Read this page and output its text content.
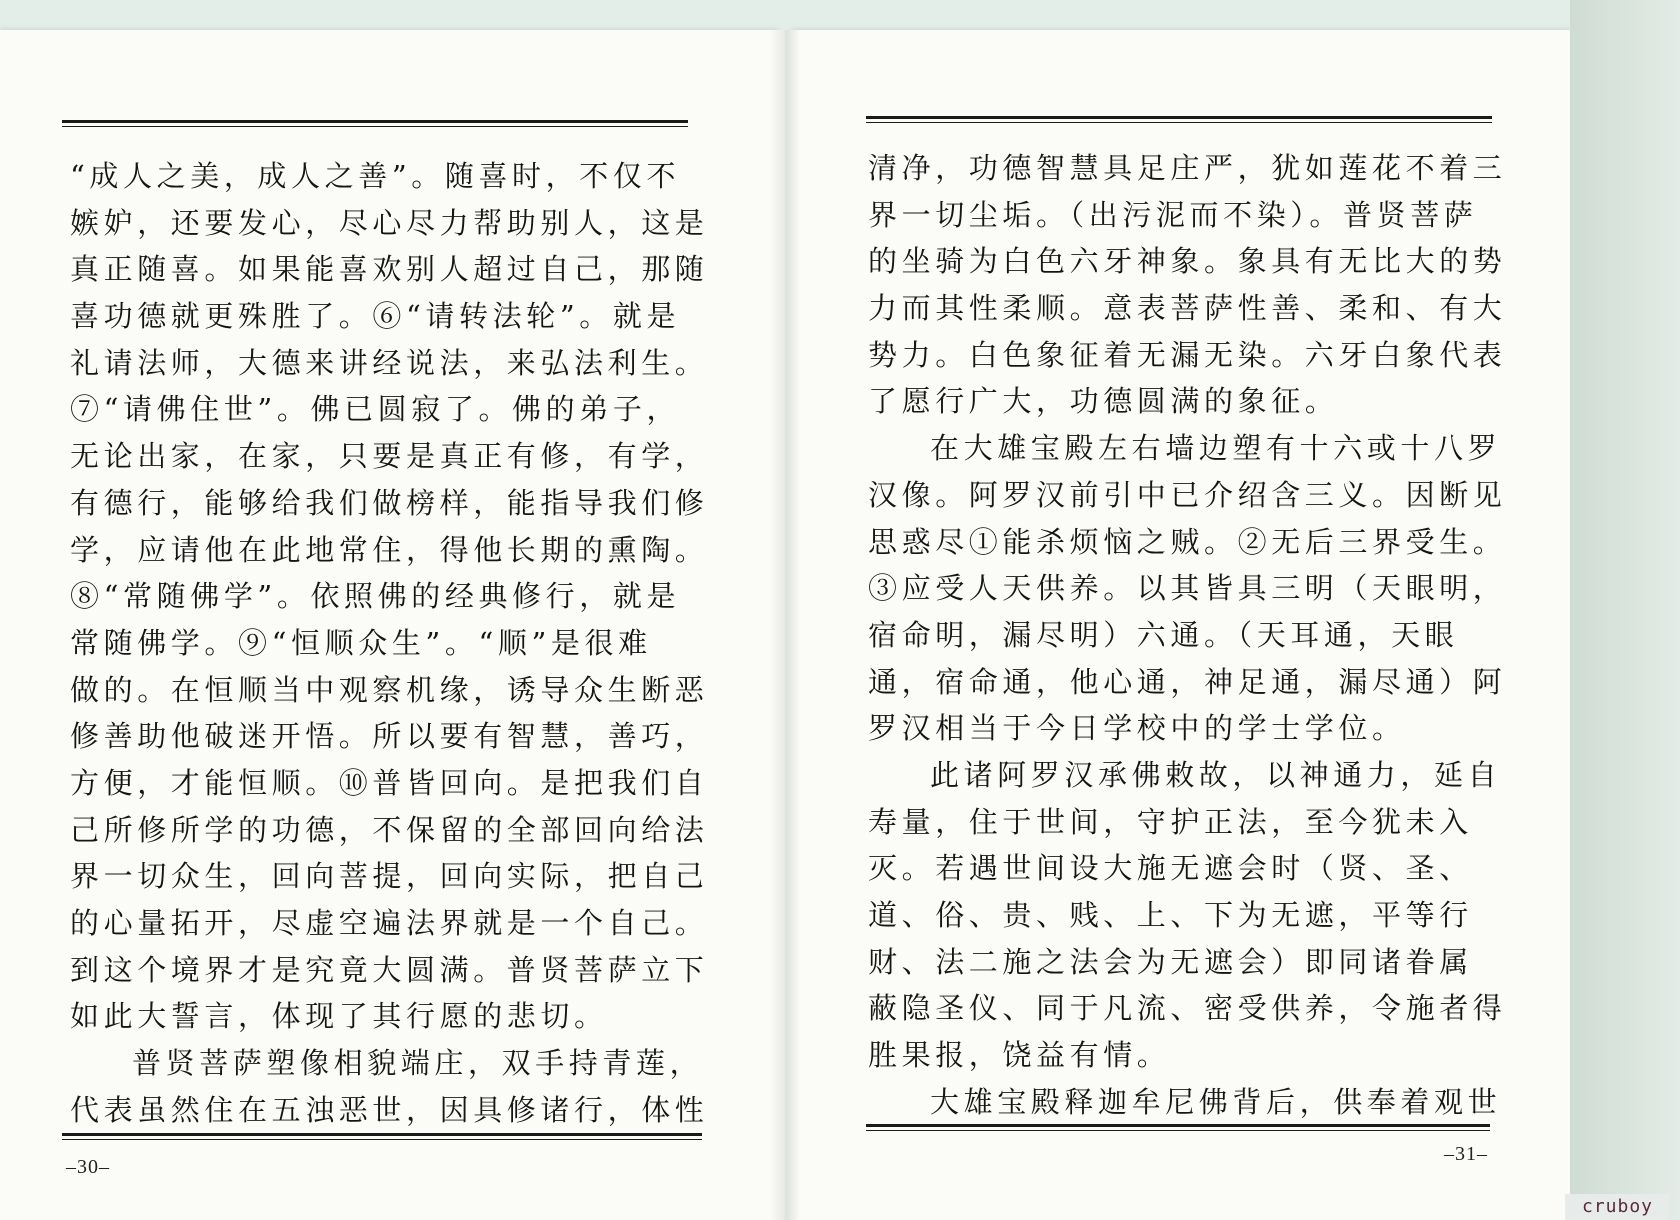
“成人之美，成人之善”。随喜时，不仅不
嫉妒，还要发心，尽心尽力帮助别人，这是
真正随喜。如果能喜欢别人超过自己，那随
喜功德就更殊胜了。⑥“请转法轮”。就是
礼请法师，大德来讲经说法，来弘法利生。
⑦“请佛住世”。佛已圆寂了。佛的弟子，
无论出家，在家，只要是真正有修，有学，
有德行，能够给我们做榜样，能指导我们修
学，应请他在此地常住，得他长期的熏陶。
⑧“常随佛学”。依照佛的经典修行，就是
常随佛学。⑨“恒顺众生”。“顺”是很难
做的。在恒顺当中观察机缘，诱导众生断恶
修善助他破迷开悟。所以要有智慧，善巧，
方便，才能恒顺。⑩普皆回向。是把我们自
己所修所学的功德，不保留的全部回向给法
界一切众生，回向菩提，回向实际，把自己
的心量拓开，尽虚空遍法界就是一个自己。
到这个境界才是究竟大圆满。普贤菩萨立下
如此大誓言，体现了其行愿的悲切。
普贤菩萨塑像相貌端庄，双手持青莲，
代表虽然住在五浊恶世，因具修诸行，体性
–30–
清净，功德智慧具足庄严，犹如莲花不着三
界一切尘垢。（出污泥而不染）。普贤菩萨
的坐骑为白色六牙神象。象具有无比大的势
力而其性柔顺。意表菩萨性善、柔和、有大
势力。白色象征着无漏无染。六牙白象代表
了愿行广大，功德圆满的象征。
在大雄宝殿左右墙边塑有十六或十八罗
汉像。阿罗汉前引中已介绍含三义。因断见
思惑尽①能杀烦恼之贼。②无后三界受生。
③应受人天供养。以其皆具三明（天眼明，
宿命明，漏尽明）六通。（天耳通，天眼
通，宿命通，他心通，神足通，漏尽通）阿
罗汉相当于今日学校中的学士学位。
此诸阿罗汉承佛敕故，以神通力，延自
寿量，住于世间，守护正法，至今犹未入
灭。若遇世间设大施无遮会时（贤、圣、
道、俗、贵、贱、上、下为无遮，平等行
财、法二施之法会为无遮会）即同诸眷属
蔽隐圣仪、同于凡流、密受供养，令施者得
胜果报，饶益有情。
大雄宝殿释迦牟尼佛背后，供奉着观世
–31–
cruboy
